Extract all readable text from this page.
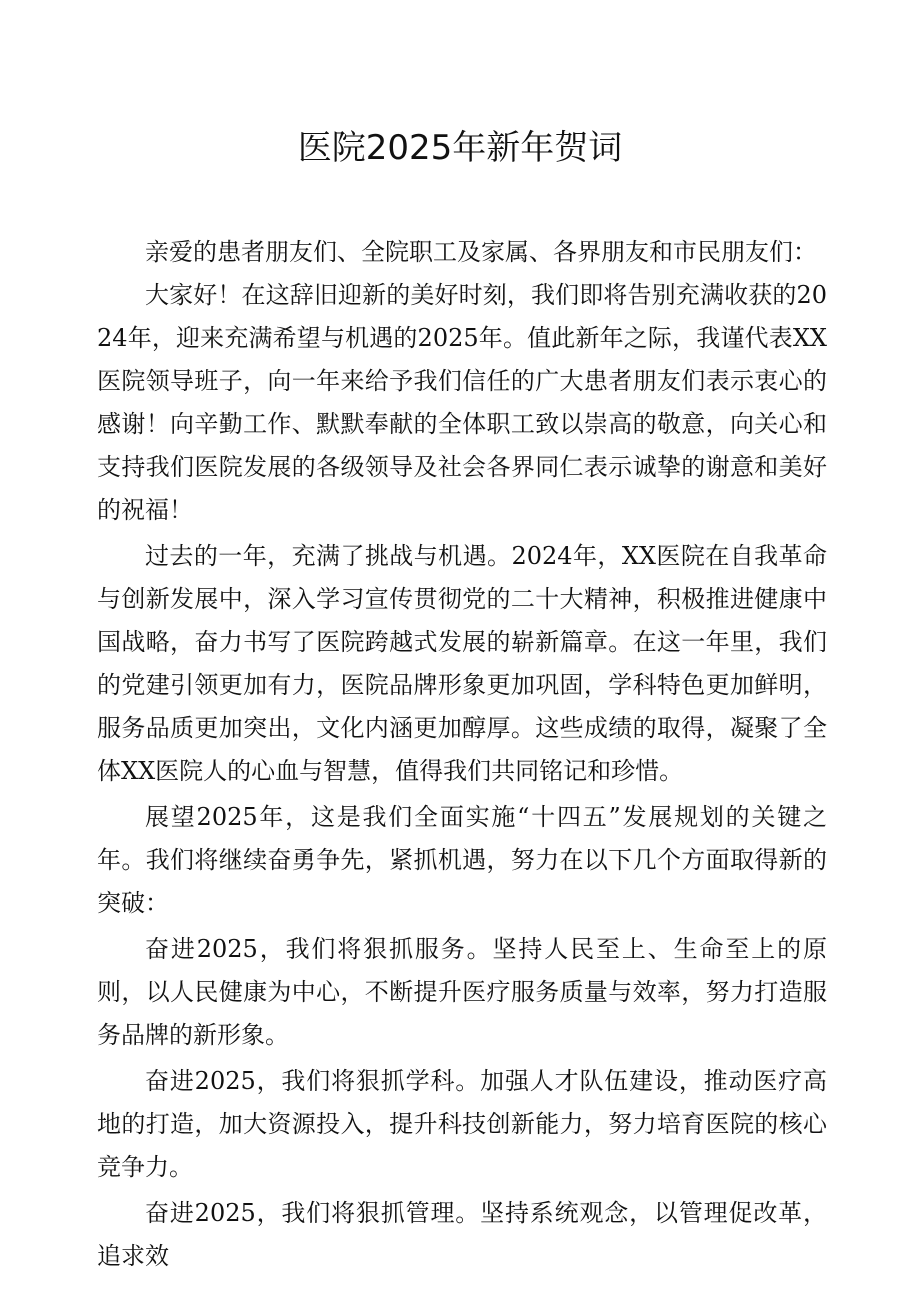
医院2025年新年贺词

亲爱的患者朋友们、全院职工及家属、各界朋友和市民朋友们：

大家好！在这辞旧迎新的美好时刻，我们即将告别充满收获的2024年，迎来充满希望与机遇的2025年。值此新年之际，我谨代表XX医院领导班子，向一年来给予我们信任的广大患者朋友们表示衷心的感谢！向辛勤工作、默默奉献的全体职工致以崇高的敬意，向关心和支持我们医院发展的各级领导及社会各界同仁表示诚挚的谢意和美好的祝福！

过去的一年，充满了挑战与机遇。2024年，XX医院在自我革命与创新发展中，深入学习宣传贯彻党的二十大精神，积极推进健康中国战略，奋力书写了医院跨越式发展的崭新篇章。在这一年里，我们的党建引领更加有力，医院品牌形象更加巩固，学科特色更加鲜明，服务品质更加突出，文化内涵更加醇厚。这些成绩的取得，凝聚了全体XX医院人的心血与智慧，值得我们共同铭记和珍惜。

展望2025年，这是我们全面实施“十四五”发展规划的关键之年。我们将继续奋勇争先，紧抓机遇，努力在以下几个方面取得新的突破：

奋进2025，我们将狠抓服务。坚持人民至上、生命至上的原则，以人民健康为中心，不断提升医疗服务质量与效率，努力打造服务品牌的新形象。

奋进2025，我们将狠抓学科。加强人才队伍建设，推动医疗高地的打造，加大资源投入，提升科技创新能力，努力培育医院的核心竞争力。

奋进2025，我们将狠抓管理。坚持系统观念，以管理促改革，追求效
